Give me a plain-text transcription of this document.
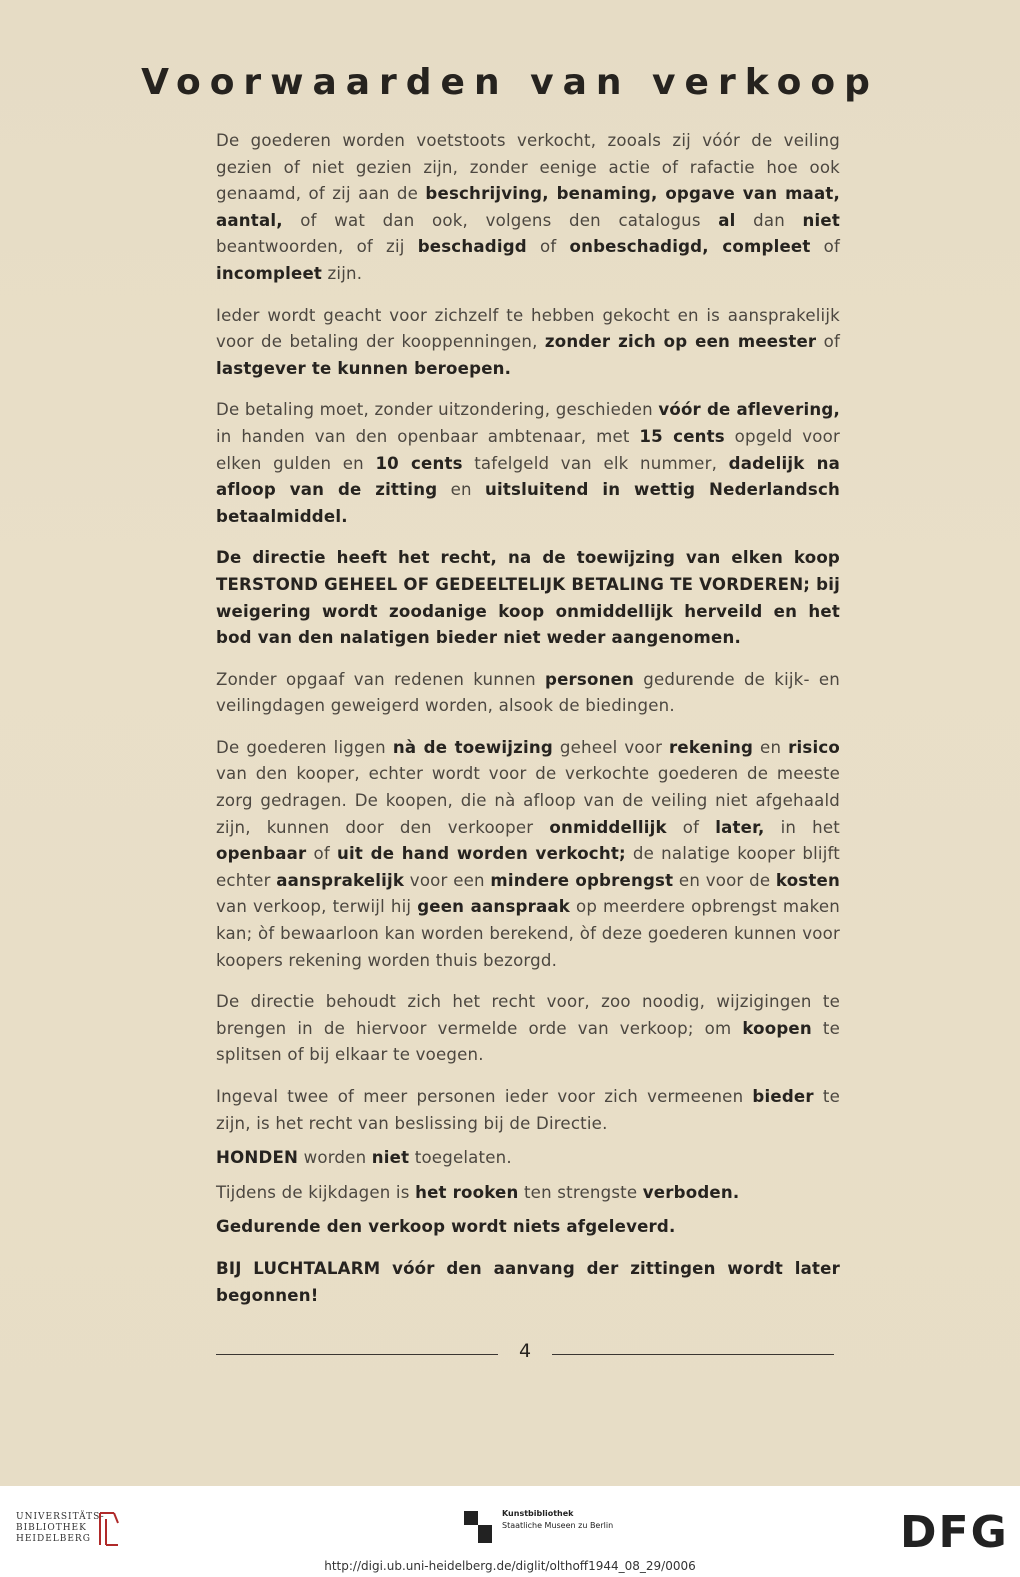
Voorwaarden van verkoop

De goederen worden voetstoots verkocht, zooals zij vóór de veiling gezien of niet gezien zijn, zonder eenige actie of rafactie hoe ook genaamd, of zij aan de beschrijving, benaming, opgave van maat, aantal, of wat dan ook, volgens den catalogus al dan niet beantwoorden, of zij beschadigd of onbeschadigd, compleet of incompleet zijn.

Ieder wordt geacht voor zichzelf te hebben gekocht en is aansprakelijk voor de betaling der kooppenningen, zonder zich op een meester of lastgever te kunnen beroepen.

De betaling moet, zonder uitzondering, geschieden vóór de aflevering, in handen van den openbaar ambtenaar, met 15 cents opgeld voor elken gulden en 10 cents tafelgeld van elk nummer, dadelijk na afloop van de zitting en uitsluitend in wettig Nederlandsch betaalmiddel.

De directie heeft het recht, na de toewijzing van elken koop TERSTOND GEHEEL OF GEDEELTELIJK BETALING TE VORDEREN; bij weigering wordt zoodanige koop onmiddellijk herveild en het bod van den nalatigen bieder niet weder aangenomen.

Zonder opgaaf van redenen kunnen personen gedurende de kijk- en veilingdagen geweigerd worden, alsook de biedingen.

De goederen liggen nà de toewijzing geheel voor rekening en risico van den kooper, echter wordt voor de verkochte goederen de meeste zorg gedragen. De koopen, die nà afloop van de veiling niet afgehaald zijn, kunnen door den verkooper onmiddellijk of later, in het openbaar of uit de hand worden verkocht; de nalatige kooper blijft echter aansprakelijk voor een mindere opbrengst en voor de kosten van verkoop, terwijl hij geen aanspraak op meerdere opbrengst maken kan; òf bewaarloon kan worden berekend, òf deze goederen kunnen voor koopers rekening worden thuis bezorgd.

De directie behoudt zich het recht voor, zoo noodig, wijzigingen te brengen in de hiervoor vermelde orde van verkoop; om koopen te splitsen of bij elkaar te voegen.

Ingeval twee of meer personen ieder voor zich vermeenen bieder te zijn, is het recht van beslissing bij de Directie.

HONDEN worden niet toegelaten.

Tijdens de kijkdagen is het rooken ten strengste verboden.

Gedurende den verkoop wordt niets afgeleverd.

BIJ LUCHTALARM vóór den aanvang der zittingen wordt later begonnen!

4
UNIVERSITÄTS-
BIBLIOTHEK
HEIDELBERG
Kunstbibliothek
Staatliche Museen zu Berlin	DFG
http://digi.ub.uni-heidelberg.de/diglit/olthoff1944_08_29/0006
